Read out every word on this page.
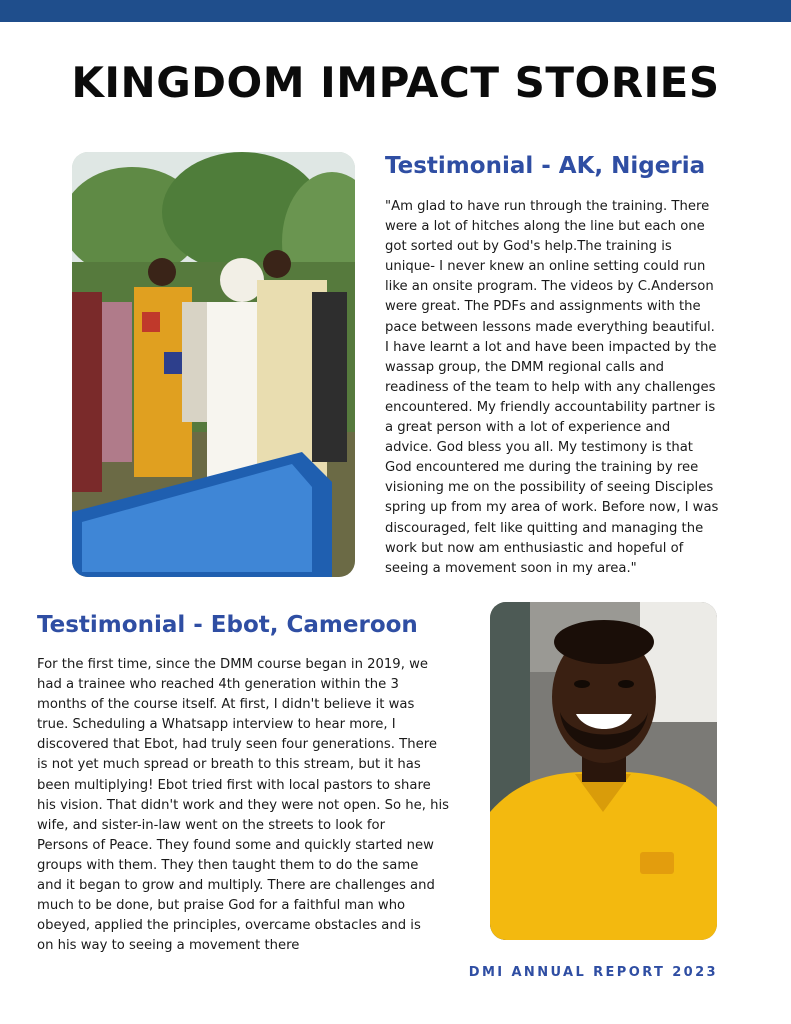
KINGDOM IMPACT STORIES
Testimonial - AK, Nigeria

"Am glad to have run through the training. There
were a lot of hitches along the line but each one
got sorted out by God's help.The training is
unique- I never knew an online setting could run
like an onsite program. The videos by C.Anderson
were great. The PDFs and assignments with the
pace between lessons made everything beautiful.
I have learnt a lot and have been impacted by the
wassap group, the DMM regional calls and
readiness of the team to help with any challenges
encountered. My friendly accountability partner is
a great person with a lot of experience and
advice. God bless you all. My testimony is that
God encountered me during the training by ree
visioning me on the possibility of seeing Disciples
spring up from my area of work. Before now, I was
discouraged, felt like quitting and managing the
work but now am enthusiastic and hopeful of
seeing a movement soon in my area."

Testimonial - Ebot, Cameroon

For the first time, since the DMM course began in 2019, we
had a trainee who reached 4th generation within the 3
months of the course itself. At first, I didn't believe it was
true. Scheduling a Whatsapp interview to hear more, I
discovered that Ebot, had truly seen four generations. There
is not yet much spread or breath to this stream, but it has
been multiplying! Ebot tried first with local pastors to share
his vision. That didn't work and they were not open. So he, his
wife, and sister-in-law went on the streets to look for
Persons of Peace. They found some and quickly started new
groups with them. They then taught them to do the same
and it began to grow and multiply. There are challenges and
much to be done, but praise God for a faithful man who
obeyed, applied the principles, overcame obstacles and is
on his way to seeing a movement there

DMI ANNUAL REPORT 2023
